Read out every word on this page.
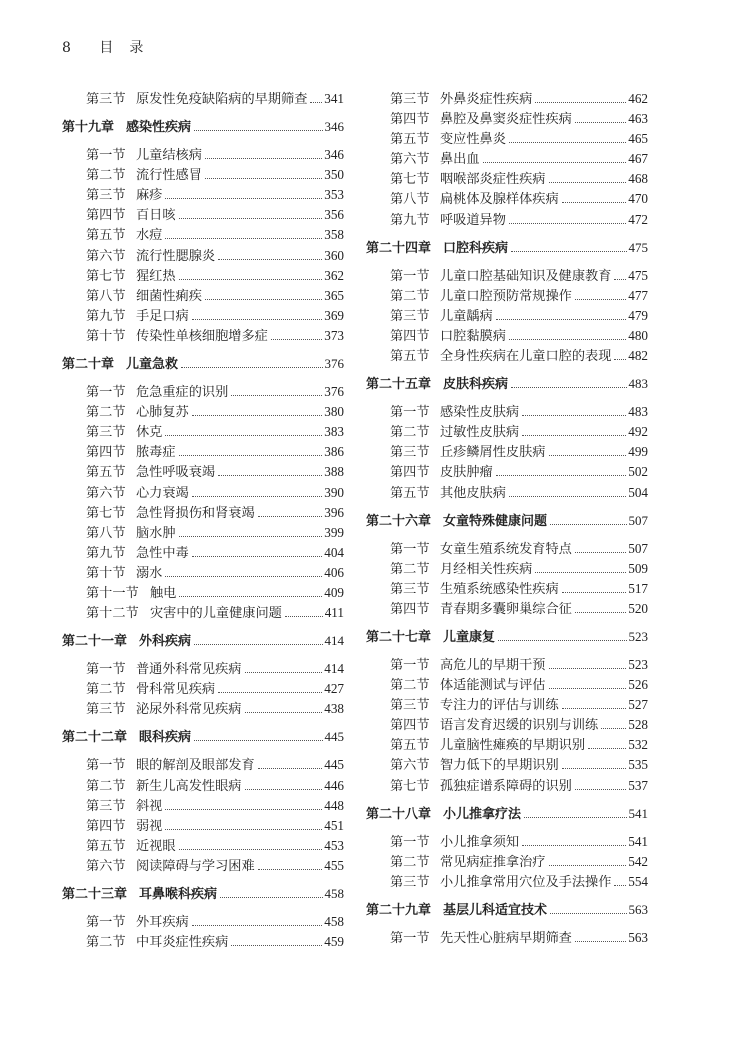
8 目　录
第三节 原发性免疫缺陷病的早期筛查 341
第十九章 感染性疾病	346
第一节 儿童结核病	346
第二节 流行性感冒	350
第三节 麻疹	353
第四节 百日咳	356
第五节 水痘	358
第六节 流行性腮腺炎	360
第七节 猩红热	362
第八节 细菌性痢疾	365
第九节 手足口病	369
第十节 传染性单核细胞增多症	373
第二十章 儿童急救	376
第一节 危急重症的识别	376
第二节 心肺复苏	380
第三节 休克	383
第四节 脓毒症	386
第五节 急性呼吸衰竭	388
第六节 心力衰竭	390
第七节 急性肾损伤和肾衰竭	396
第八节 脑水肿	399
第九节 急性中毒	404
第十节 溺水	406
第十一节 触电	409
第十二节 灾害中的儿童健康问题	411
第二十一章 外科疾病	414
第一节 普通外科常见疾病	414
第二节 骨科常见疾病	427
第三节 泌尿外科常见疾病	438
第二十二章 眼科疾病	445
第一节 眼的解剖及眼部发育	445
第二节 新生儿高发性眼病	446
第三节 斜视	448
第四节 弱视	451
第五节 近视眼	453
第六节 阅读障碍与学习困难	455
第二十三章 耳鼻喉科疾病	458
第一节 外耳疾病	458
第二节 中耳炎症性疾病	459
第三节 外鼻炎症性疾病	462
第四节 鼻腔及鼻窦炎症性疾病	463
第五节 变应性鼻炎	465
第六节 鼻出血	467
第七节 咽喉部炎症性疾病	468
第八节 扁桃体及腺样体疾病	470
第九节 呼吸道异物	472
第二十四章 口腔科疾病	475
第一节 儿童口腔基础知识及健康教育 475
第二节 儿童口腔预防常规操作	477
第三节 儿童龋病	479
第四节 口腔黏膜病	480
第五节 全身性疾病在儿童口腔的表现 482
第二十五章 皮肤科疾病	483
第一节 感染性皮肤病	483
第二节 过敏性皮肤病	492
第三节 丘疹鳞屑性皮肤病	499
第四节 皮肤肿瘤	502
第五节 其他皮肤病	504
第二十六章 女童特殊健康问题	507
第一节 女童生殖系统发育特点	507
第二节 月经相关性疾病	509
第三节 生殖系统感染性疾病	517
第四节 青春期多囊卵巢综合征	520
第二十七章 儿童康复	523
第一节 高危儿的早期干预	523
第二节 体适能测试与评估	526
第三节 专注力的评估与训练	527
第四节 语言发育迟缓的识别与训练 528
第五节 儿童脑性瘫痪的早期识别	532
第六节 智力低下的早期识别	535
第七节 孤独症谱系障碍的识别	537
第二十八章 小儿推拿疗法	541
第一节 小儿推拿须知	541
第二节 常见病症推拿治疗	542
第三节 小儿推拿常用穴位及手法操作 554
第二十九章 基层儿科适宜技术	563
第一节 先天性心脏病早期筛查	563
